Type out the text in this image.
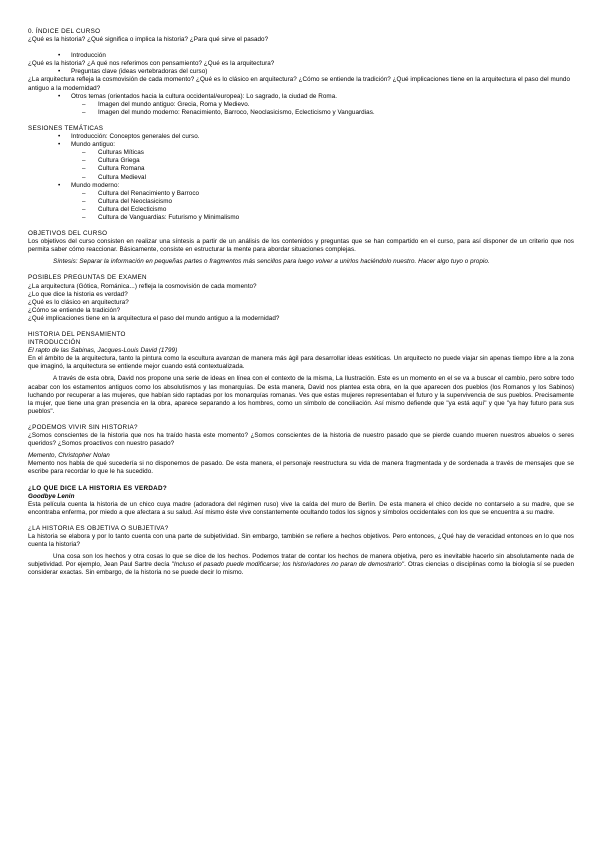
0. ÍNDICE DEL CURSO

¿Qué es la historia? ¿Qué significa o implica la historia? ¿Para qué sirve el pasado?

• Introducción

¿Qué es la historia? ¿A qué nos referimos con pensamiento? ¿Qué es la arquitectura?

• Preguntas clave (ideas vertebradoras del curso)

¿La arquitectura refleja la cosmovisión de cada momento? ¿Qué es lo clásico en arquitectura? ¿Cómo se entiende la tradición? ¿Qué implicaciones tiene en la arquitectura el paso del mundo antiguo a la modernidad?

• Otros temas (orientados hacia la cultura occidental/europea): Lo sagrado, la ciudad de Roma.
– Imagen del mundo antiguo: Grecia, Roma y Medievo.
– Imagen del mundo moderno: Renacimiento, Barroco, Neoclasicismo, Eclecticismo y Vanguardias.

SESIONES TEMÁTICAS

• Introducción: Conceptos generales del curso.
• Mundo antiguo:
– Culturas Míticas
– Cultura Griega
– Cultura Romana
– Cultura Medieval
• Mundo moderno:
– Cultura del Renacimiento y Barroco
– Cultura del Neoclasicismo
– Cultura del Eclecticismo
– Cultura de Vanguardias: Futurismo y Minimalismo

OBJETIVOS DEL CURSO

Los objetivos del curso consisten en realizar una síntesis a partir de un análisis de los contenidos y preguntas que se han compartido en el curso, para así disponer de un criterio que nos permita saber cómo reaccionar. Básicamente, consiste en estructurar la mente para abordar situaciones complejas.

Síntesis: Separar la información en pequeñas partes o fragmentos más sencillos para luego volver a unirlos haciéndolo nuestro. Hacer algo tuyo o propio.

POSIBLES PREGUNTAS DE EXAMEN

¿La arquitectura (Gótica, Románica...) refleja la cosmovisión de cada momento?

¿Lo que dice la historia es verdad?

¿Qué es lo clásico en arquitectura?

¿Cómo se entiende la tradición?

¿Qué implicaciones tiene en la arquitectura el paso del mundo antiguo a la modernidad?

HISTORIA DEL PENSAMIENTO

INTRODUCCIÓN

El rapto de las Sabinas, Jacques-Louis David (1799)

En el ámbito de la arquitectura, tanto la pintura como la escultura avanzan de manera más ágil para desarrollar ideas estéticas. Un arquitecto no puede viajar sin apenas tiempo libre a la zona que imaginó, la arquitectura se entiende mejor cuando está contextualizada.

A través de esta obra, David nos propone una serie de ideas en línea con el contexto de la misma, La Ilustración. Este es un momento en el se va a buscar el cambio, pero sobre todo acabar con los estamentos antiguos como los absolutismos y las monarquías. De esta manera, David nos plantea esta obra, en la que aparecen dos pueblos (los Romanos y los Sabinos) luchando por recuperar a las mujeres, que habían sido raptadas por los monarquías romanas. Ves que estas mujeres representaban el futuro y la supervivencia de sus pueblos. Precisamente la mujer, que tiene una gran presencia en la obra, aparece separando a los hombres, como un símbolo de conciliación. Así mismo defiende que "ya está aquí" y que "ya hay futuro para sus pueblos".

¿PODEMOS VIVIR SIN HISTORIA?

¿Somos conscientes de la historia que nos ha traído hasta este momento? ¿Somos conscientes de la historia de nuestro pasado que se pierde cuando mueren nuestros abuelos o seres queridos? ¿Somos proactivos con nuestro pasado?

Memento, Christopher Nolan

Memento nos habla de qué sucedería si no disponemos de pasado. De esta manera, el personaje reestructura su vida de manera fragmentada y de sordenada a través de mensajes que se escribe para recordar lo que le ha sucedido.

¿LO QUE DICE LA HISTORIA ES VERDAD?

Goodbye Lenin

Esta película cuenta la historia de un chico cuya madre (adoradora del régimen ruso) vive la caída del muro de Berlín. De esta manera el chico decide no contarselo a su madre, que se encontraba enferma, por miedo a que afectara a su salud. Así mismo éste vive constantemente ocultando todos los signos y símbolos occidentales con los que se encuentra a su madre.

¿LA HISTORIA ES OBJETIVA O SUBJETIVA?

La historia se elabora y por lo tanto cuenta con una parte de subjetividad. Sin embargo, también se refiere a hechos objetivos. Pero entonces, ¿Qué hay de veracidad entonces en lo que nos cuenta la historia?

Una cosa son los hechos y otra cosas lo que se dice de los hechos. Podemos tratar de contar los hechos de manera objetiva, pero es inevitable hacerlo sin absolutamente nada de subjetividad. Por ejemplo, Jean Paul Sartre decía "Incluso el pasado puede modificarse; los historiadores no paran de demostrarlo". Otras ciencias o disciplinas como la biología sí se pueden considerar exactas. Sin embargo, de la historia no se puede decir lo mismo.
